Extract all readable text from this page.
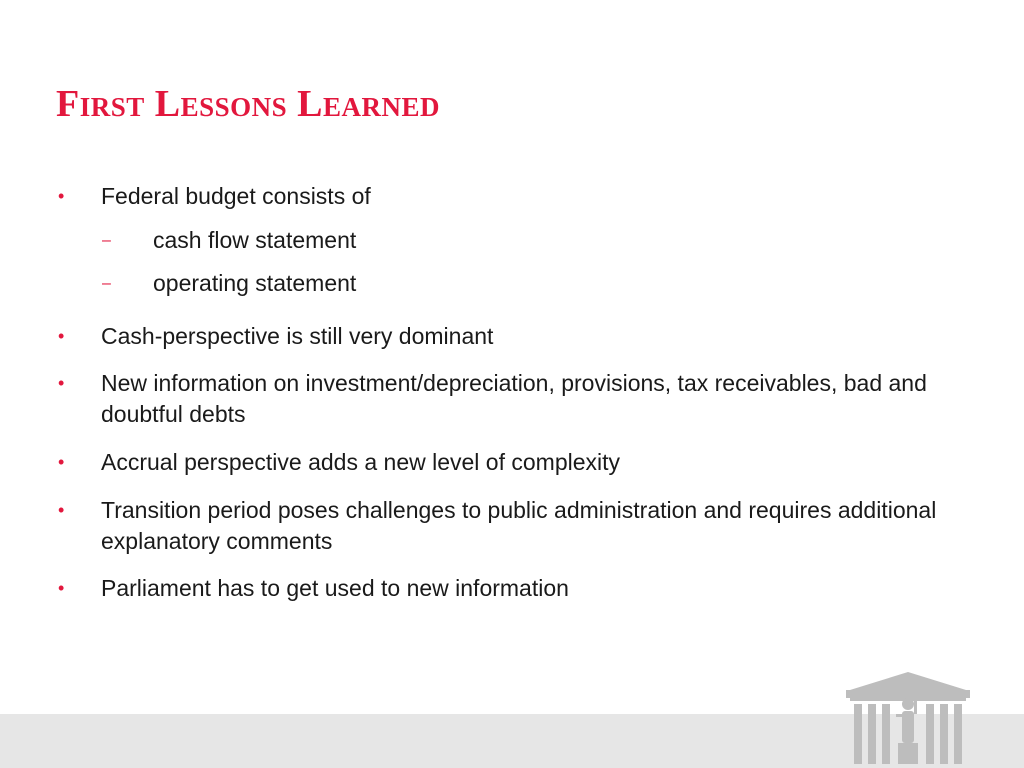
First Lessons Learned
•	Federal budget consists of
– cash flow statement
– operating statement
•	Cash-perspective is still very dominant
•	New information on investment/depreciation, provisions, tax receivables, bad and doubtful debts
•	Accrual perspective adds a new level of complexity
•	Transition period poses challenges to public administration and requires additional explanatory comments
•	Parliament has to get used to new information
